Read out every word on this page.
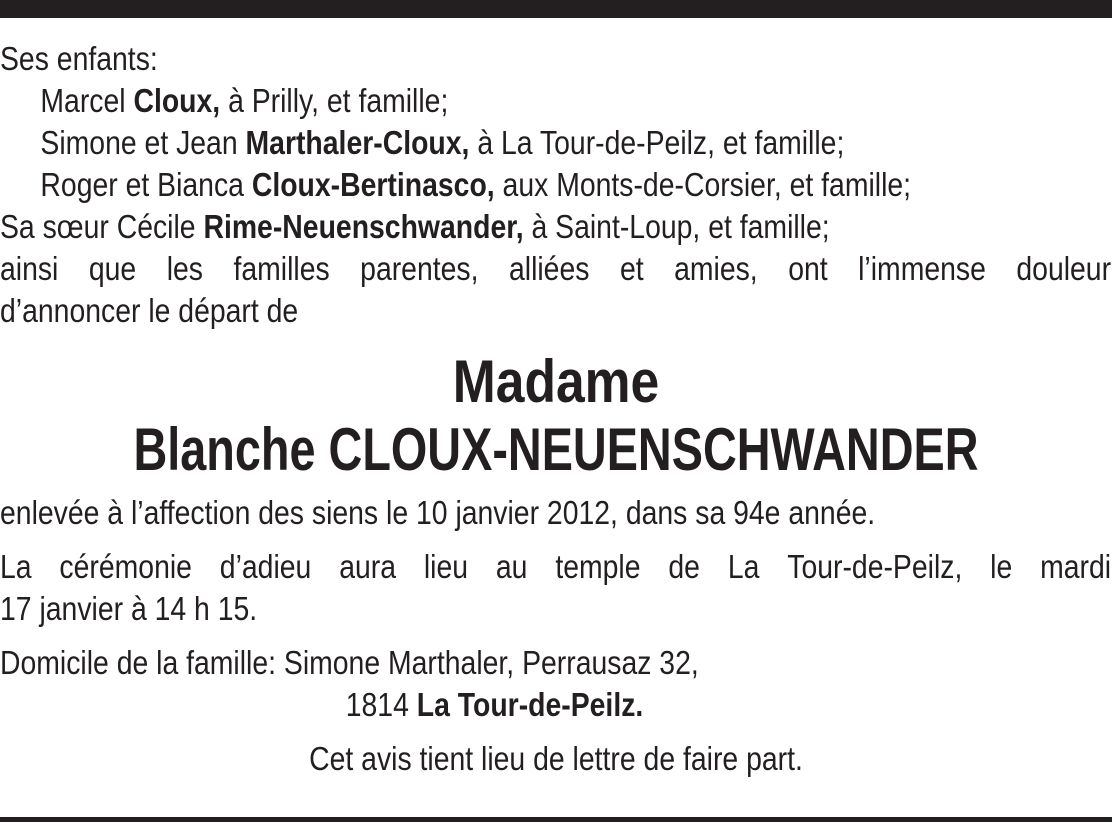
Ses enfants:
Marcel Cloux, à Prilly, et famille;
Simone et Jean Marthaler-Cloux, à La Tour-de-Peilz, et famille;
Roger et Bianca Cloux-Bertinasco, aux Monts-de-Corsier, et famille;
Sa sœur Cécile Rime-Neuenschwander, à Saint-Loup, et famille;
ainsi que les familles parentes, alliées et amies, ont l’immense douleur
d’annoncer le départ de
Madame
Blanche CLOUX-NEUENSCHWANDER
enlevée à l’affection des siens le 10 janvier 2012, dans sa 94e année.
La cérémonie d’adieu aura lieu au temple de La Tour-de-Peilz, le mardi
17 janvier à 14 h 15.
Domicile de la famille: Simone Marthaler, Perrausaz 32,
1814 La Tour-de-Peilz.
Cet avis tient lieu de lettre de faire part.
